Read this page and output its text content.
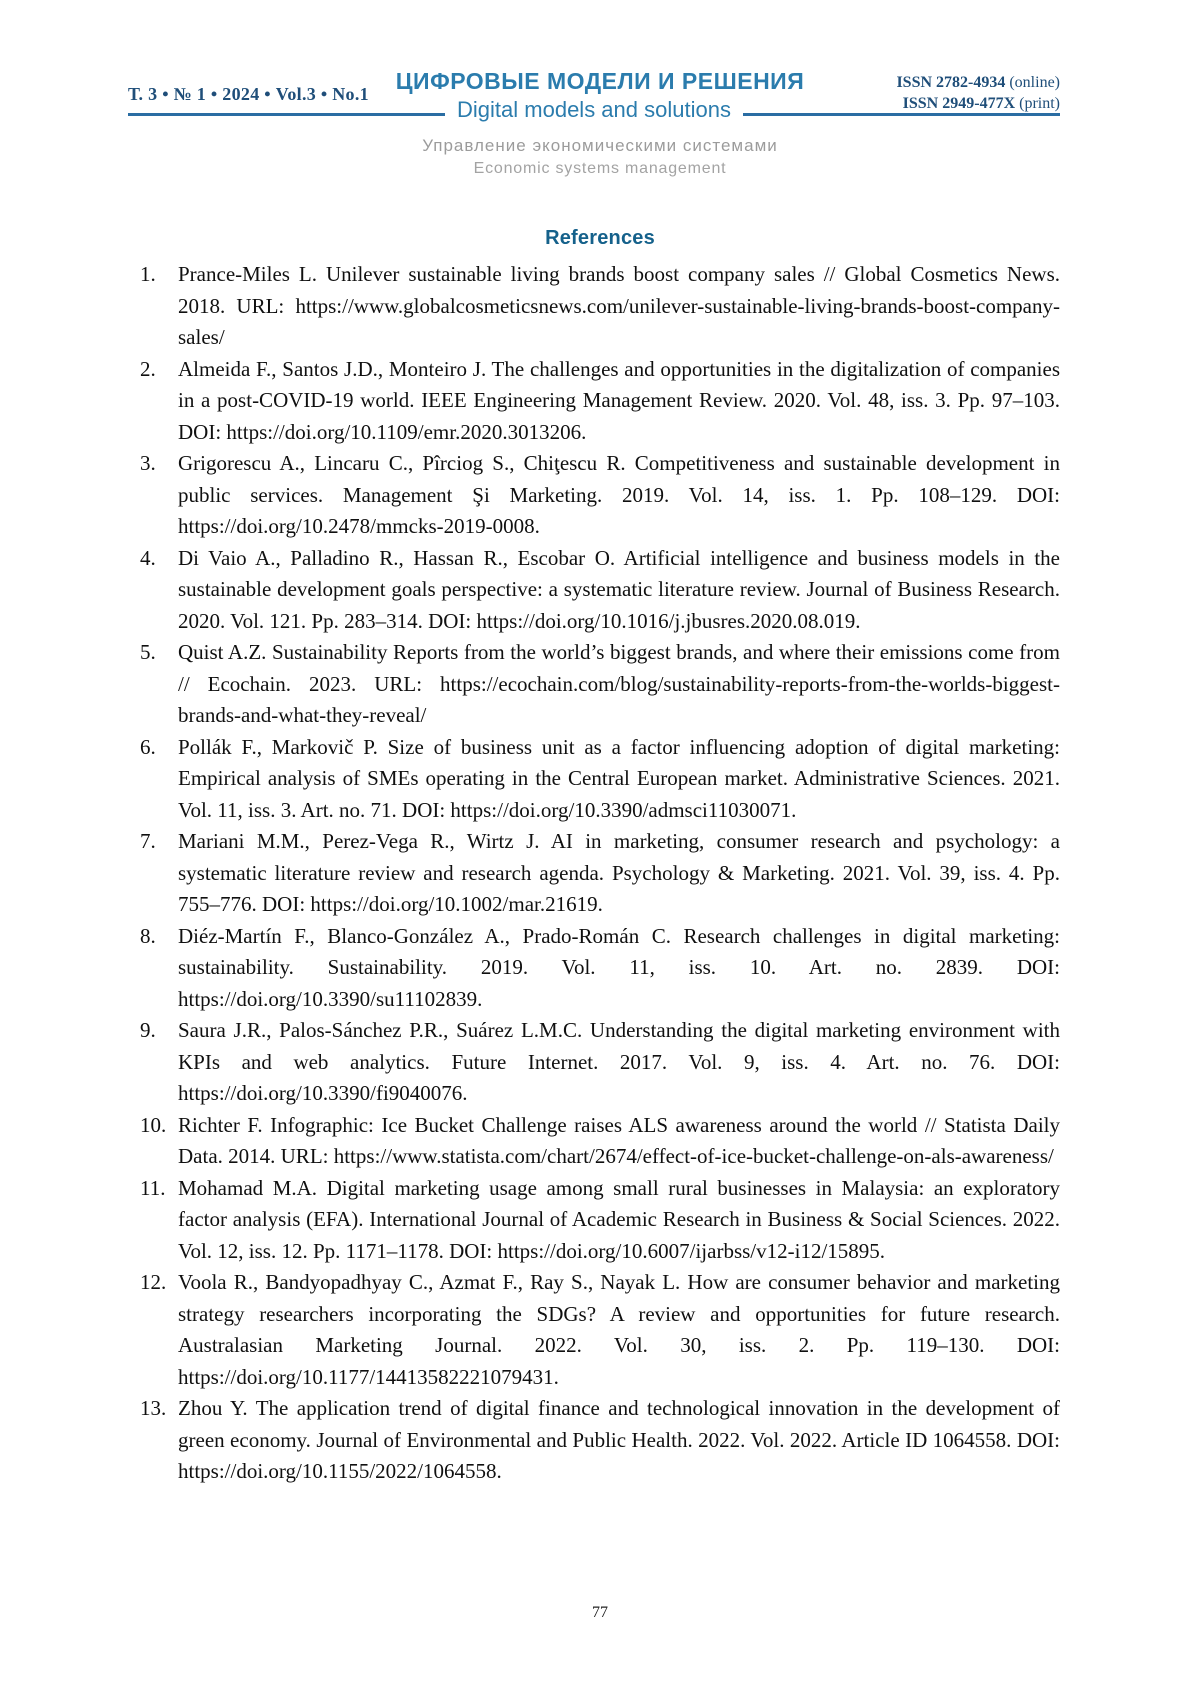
Т. 3 • № 1 • 2024 • Vol.3 • No.1	ЦИФРОВЫЕ МОДЕЛИ И РЕШЕНИЯ	ISSN 2782-4934 (online)
ISSN 2949-477X (print)
Digital models and solutions
Управление экономическими системами
Economic systems management
References
1. Prance-Miles L. Unilever sustainable living brands boost company sales // Global Cosmetics News. 2018. URL: https://www.globalcosmeticsnews.com/unilever-sustainable-living-brands-boost-company-sales/
2. Almeida F., Santos J.D., Monteiro J. The challenges and opportunities in the digitalization of companies in a post-COVID-19 world. IEEE Engineering Management Review. 2020. Vol. 48, iss. 3. Pp. 97–103. DOI: https://doi.org/10.1109/emr.2020.3013206.
3. Grigorescu A., Lincaru C., Pîrciog S., Chiţescu R. Competitiveness and sustainable development in public services. Management Şi Marketing. 2019. Vol. 14, iss. 1. Pp. 108–129. DOI: https://doi.org/10.2478/mmcks-2019-0008.
4. Di Vaio A., Palladino R., Hassan R., Escobar O. Artificial intelligence and business models in the sustainable development goals perspective: a systematic literature review. Journal of Business Research. 2020. Vol. 121. Pp. 283–314. DOI: https://doi.org/10.1016/j.jbusres.2020.08.019.
5. Quist A.Z. Sustainability Reports from the world’s biggest brands, and where their emissions come from // Ecochain. 2023. URL: https://ecochain.com/blog/sustainability-reports-from-the-worlds-biggest-brands-and-what-they-reveal/
6. Pollák F., Markovič P. Size of business unit as a factor influencing adoption of digital marketing: Empirical analysis of SMEs operating in the Central European market. Administrative Sciences. 2021. Vol. 11, iss. 3. Art. no. 71. DOI: https://doi.org/10.3390/admsci11030071.
7. Mariani M.M., Perez-Vega R., Wirtz J. AI in marketing, consumer research and psychology: a systematic literature review and research agenda. Psychology & Marketing. 2021. Vol. 39, iss. 4. Pp. 755–776. DOI: https://doi.org/10.1002/mar.21619.
8. Diéz-Martín F., Blanco-González A., Prado-Román C. Research challenges in digital marketing: sustainability. Sustainability. 2019. Vol. 11, iss. 10. Art. no. 2839. DOI: https://doi.org/10.3390/su11102839.
9. Saura J.R., Palos-Sánchez P.R., Suárez L.M.C. Understanding the digital marketing environment with KPIs and web analytics. Future Internet. 2017. Vol. 9, iss. 4. Art. no. 76. DOI: https://doi.org/10.3390/fi9040076.
10. Richter F. Infographic: Ice Bucket Challenge raises ALS awareness around the world // Statista Daily Data. 2014. URL: https://www.statista.com/chart/2674/effect-of-ice-bucket-challenge-on-als-awareness/
11. Mohamad M.A. Digital marketing usage among small rural businesses in Malaysia: an exploratory factor analysis (EFA). International Journal of Academic Research in Business & Social Sciences. 2022. Vol. 12, iss. 12. Pp. 1171–1178. DOI: https://doi.org/10.6007/ijarbss/v12-i12/15895.
12. Voola R., Bandyopadhyay C., Azmat F., Ray S., Nayak L. How are consumer behavior and marketing strategy researchers incorporating the SDGs? A review and opportunities for future research. Australasian Marketing Journal. 2022. Vol. 30, iss. 2. Pp. 119–130. DOI: https://doi.org/10.1177/14413582221079431.
13. Zhou Y. The application trend of digital finance and technological innovation in the development of green economy. Journal of Environmental and Public Health. 2022. Vol. 2022. Article ID 1064558. DOI: https://doi.org/10.1155/2022/1064558.
77
